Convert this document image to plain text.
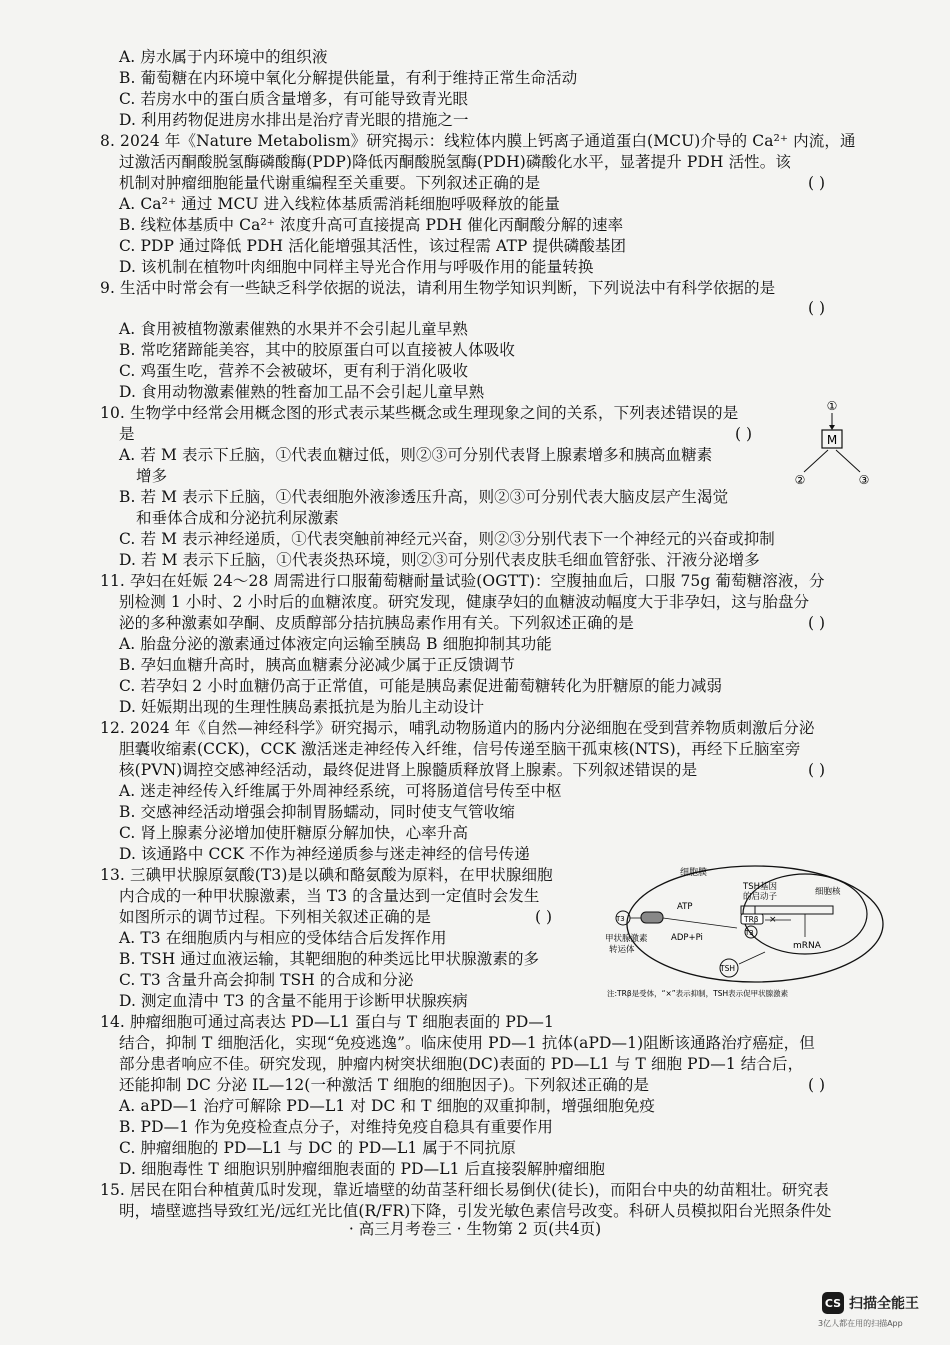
A. 房水属于内环境中的组织液
B. 葡萄糖在内环境中氧化分解提供能量，有利于维持正常生命活动
C. 若房水中的蛋白质含量增多，有可能导致青光眼
D. 利用药物促进房水排出是治疗青光眼的措施之一
8. 2024 年《Nature Metabolism》研究揭示：线粒体内膜上钙离子通道蛋白(MCU)介导的 Ca²⁺ 内流，通
过激活丙酮酸脱氢酶磷酸酶(PDP)降低丙酮酸脱氢酶(PDH)磷酸化水平，显著提升 PDH 活性。该
机制对肿瘤细胞能量代谢重编程至关重要。下列叙述正确的是
A. Ca²⁺ 通过 MCU 进入线粒体基质需消耗细胞呼吸释放的能量
B. 线粒体基质中 Ca²⁺ 浓度升高可直接提高 PDH 催化丙酮酸分解的速率
C. PDP 通过降低 PDH 活化能增强其活性，该过程需 ATP 提供磷酸基团
D. 该机制在植物叶肉细胞中同样主导光合作用与呼吸作用的能量转换
9. 生活中时常会有一些缺乏科学依据的说法，请利用生物学知识判断，下列说法中有科学依据的是
A. 食用被植物激素催熟的水果并不会引起儿童早熟
B. 常吃猪蹄能美容，其中的胶原蛋白可以直接被人体吸收
C. 鸡蛋生吃，营养不会被破坏，更有利于消化吸收
D. 食用动物激素催熟的牲畜加工品不会引起儿童早熟
10. 生物学中经常会用概念图的形式表示某些概念或生理现象之间的关系，下列表述错误的是
是
A. 若 M 表示下丘脑，①代表血糖过低，则②③可分别代表肾上腺素增多和胰高血糖素
增多
B. 若 M 表示下丘脑，①代表细胞外液渗透压升高，则②③可分别代表大脑皮层产生渴觉
和垂体合成和分泌抗利尿激素
C. 若 M 表示神经递质，①代表突触前神经元兴奋，则②③分别代表下一个神经元的兴奋或抑制
D. 若 M 表示下丘脑，①代表炎热环境，则②③可分别代表皮肤毛细血管舒张、汗液分泌增多
11. 孕妇在妊娠 24～28 周需进行口服葡萄糖耐量试验(OGTT)：空腹抽血后，口服 75g 葡萄糖溶液，分
别检测 1 小时、2 小时后的血糖浓度。研究发现，健康孕妇的血糖波动幅度大于非孕妇，这与胎盘分
泌的多种激素如孕酮、皮质醇部分拮抗胰岛素作用有关。下列叙述正确的是
A. 胎盘分泌的激素通过体液定向运输至胰岛 B 细胞抑制其功能
B. 孕妇血糖升高时，胰高血糖素分泌减少属于正反馈调节
C. 若孕妇 2 小时血糖仍高于正常值，可能是胰岛素促进葡萄糖转化为肝糖原的能力减弱
D. 妊娠期出现的生理性胰岛素抵抗是为胎儿主动设计
12. 2024 年《自然—神经科学》研究揭示，哺乳动物肠道内的肠内分泌细胞在受到营养物质刺激后分泌
胆囊收缩素(CCK)，CCK 激活迷走神经传入纤维，信号传递至脑干孤束核(NTS)，再经下丘脑室旁
核(PVN)调控交感神经活动，最终促进肾上腺髓质释放肾上腺素。下列叙述错误的是
A. 迷走神经传入纤维属于外周神经系统，可将肠道信号传至中枢
B. 交感神经活动增强会抑制胃肠蠕动，同时使支气管收缩
C. 肾上腺素分泌增加使肝糖原分解加快，心率升高
D. 该通路中 CCK 不作为神经递质参与迷走神经的信号传递
13. 三碘甲状腺原氨酸(T3)是以碘和酪氨酸为原料，在甲状腺细胞
内合成的一种甲状腺激素，当 T3 的含量达到一定值时会发生
如图所示的调节过程。下列相关叙述正确的是
A. T3 在细胞质内与相应的受体结合后发挥作用
B. TSH 通过血液运输，其靶细胞的种类远比甲状腺激素的多
C. T3 含量升高会抑制 TSH 的合成和分泌
D. 测定血清中 T3 的含量不能用于诊断甲状腺疾病
14. 肿瘤细胞可通过高表达 PD—L1 蛋白与 T 细胞表面的 PD—1
结合，抑制 T 细胞活化，实现“免疫逃逸”。临床使用 PD—1 抗体(aPD—1)阻断该通路治疗癌症，但
部分患者响应不佳。研究发现，肿瘤内树突状细胞(DC)表面的 PD—L1 与 T 细胞 PD—1 结合后，
还能抑制 DC 分泌 IL—12(一种激活 T 细胞的细胞因子)。下列叙述正确的是
A. aPD—1 治疗可解除 PD—L1 对 DC 和 T 细胞的双重抑制，增强细胞免疫
B. PD—1 作为免疫检查点分子，对维持免疫自稳具有重要作用
C. 肿瘤细胞的 PD—L1 与 DC 的 PD—L1 属于不同抗原
D. 细胞毒性 T 细胞识别肿瘤细胞表面的 PD—L1 后直接裂解肿瘤细胞
15. 居民在阳台种植黄瓜时发现，靠近墙壁的幼苗茎秆细长易倒伏(徒长)，而阳台中央的幼苗粗壮。研究表
明，墙壁遮挡导致红光/远红光比值(R/FR)下降，引发光敏色素信号改变。科研人员模拟阳台光照条件处
( )
( )
( )
( )
( )
( )
( )
①
M
②	③
细胞膜
TSH基因
的启动子	细胞核
TRβ ×
T3
mRNA
TSH
T3
ATP
ADP+Pi
甲状腺激素
转运体
注:TRβ是受体，“×”表示抑制，TSH表示促甲状腺激素
· 高三月考卷三 · 生物第 2 页(共4页)
CS 扫描全能王
3亿人都在用的扫描App
